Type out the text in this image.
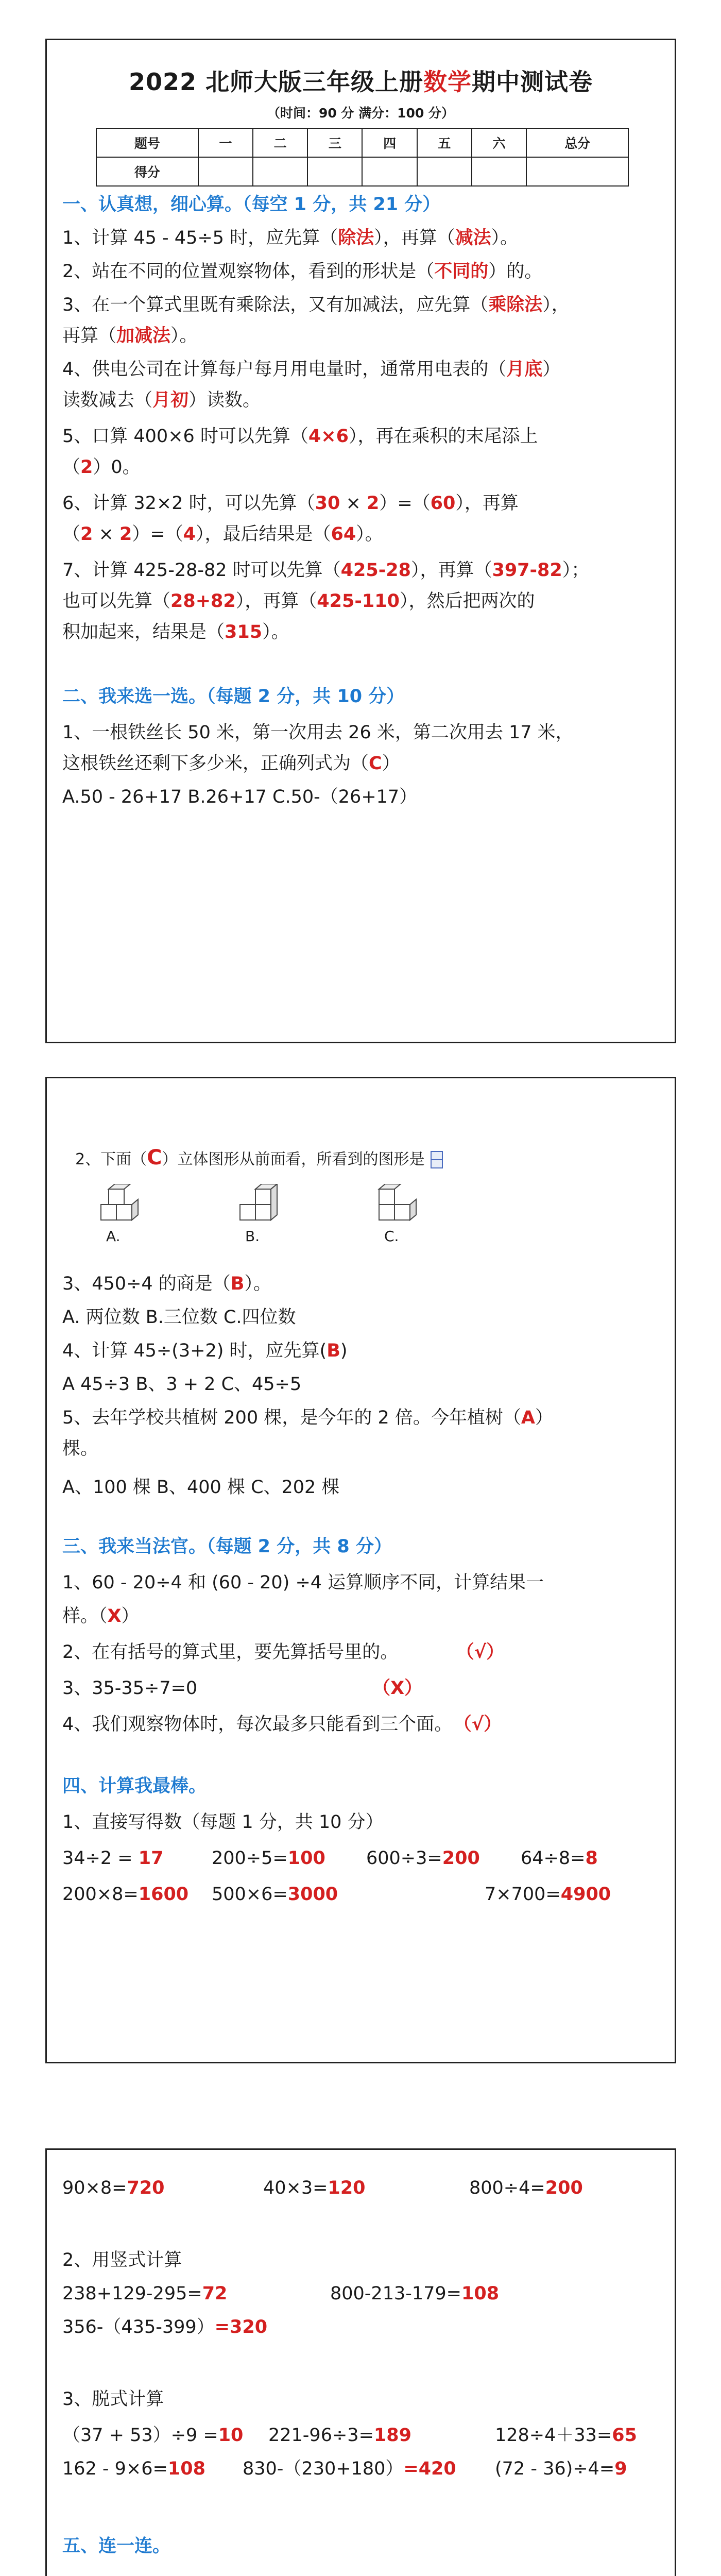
2022 北师大版三年级上册数学期中测试卷
（时间：90 分 满分：100 分）
题号	一	二	三	四	五	六	总分
得分							
一、认真想，细心算。（每空 1 分，共 21 分）
1、计算 45 - 45÷5 时，应先算（除法），再算（减法）。
2、站在不同的位置观察物体，看到的形状是（不同的）的。
3、在一个算式里既有乘除法，又有加减法，应先算（乘除法），
再算（加减法）。
4、供电公司在计算每户每月用电量时，通常用电表的（月底）
读数减去（月初）读数。
5、口算 400×6 时可以先算（4×6），再在乘积的末尾添上
（2）0。
6、计算 32×2 时，可以先算（30 × 2）=（60），再算
（2 × 2）=（4），最后结果是（64）。
7、计算 425-28-82 时可以先算（425-28），再算（397-82）；
也可以先算（28+82），再算（425-110），然后把两次的
积加起来，结果是（315）。
二、我来选一选。（每题 2 分，共 10 分）
1、一根铁丝长 50 米，第一次用去 26 米，第二次用去 17 米，
这根铁丝还剩下多少米，正确列式为（C）
A.50 - 26+17 B.26+17 C.50-（26+17）
2、下面（C）立体图形从前面看，所看到的图形是
A.	B.	C.
3、450÷4 的商是（B）。
A. 两位数 B.三位数 C.四位数
4、计算 45÷(3+2) 时，应先算(B)
A 45÷3 B、3 + 2 C、45÷5
5、去年学校共植树 200 棵，是今年的 2 倍。今年植树（A）
棵。
A、100 棵 B、400 棵 C、202 棵
三、我来当法官。（每题 2 分，共 8 分）
1、60 - 20÷4 和 (60 - 20) ÷4 运算顺序不同，计算结果一
样。（X）
2、在有括号的算式里，要先算括号里的。	（√）
3、35-35÷7=0	（X）
4、我们观察物体时，每次最多只能看到三个面。 （√）
四、计算我最棒。
1、直接写得数（每题 1 分，共 10 分）
34÷2 = 17	200÷5=100 600÷3=200 64÷8=8
200×8=1600 500×6=3000	7×700=4900
90×8=720	40×3=120	800÷4=200
2、用竖式计算
238+129-295=72	800-213-179=108
356-（435-399）=320
3、脱式计算
（37 + 53）÷9 =10 221-96÷3=189	128÷4＋33=65
162 - 9×6=108 830-（230+180）=420 (72 - 36)÷4=9
五、连一连。
